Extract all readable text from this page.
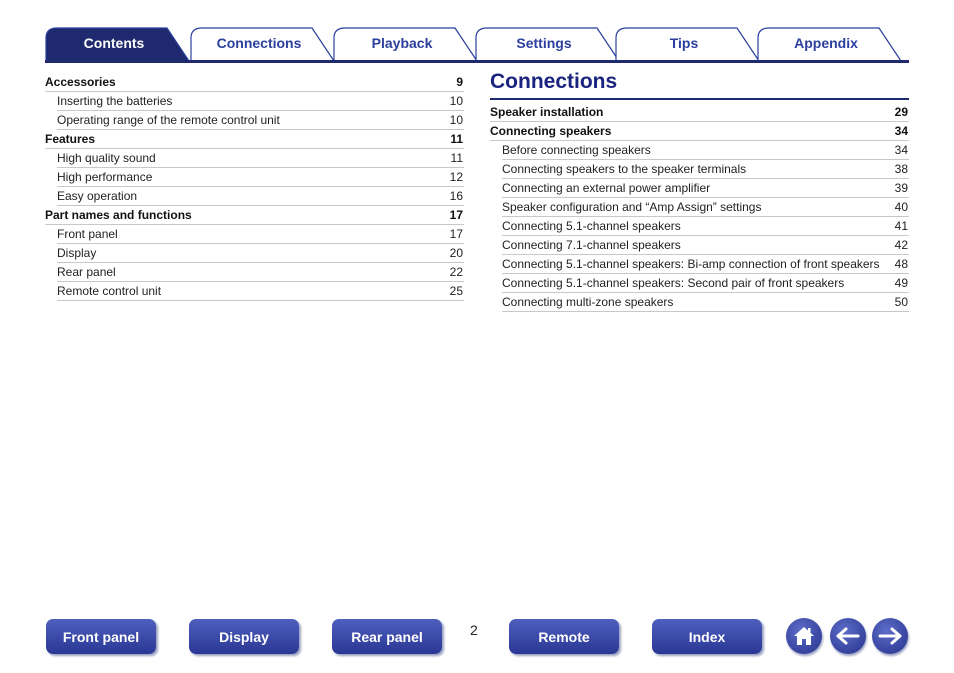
Contents	Connections	Playback	Settings	Tips	Appendix
Accessories	9
Inserting the batteries	10
Operating range of the remote control unit	10
Features	11
High quality sound	11
High performance	12
Easy operation	16
Part names and functions	17
Front panel	17
Display	20
Rear panel	22
Remote control unit	25
Connections
Speaker installation	29
Connecting speakers	34
Before connecting speakers	34
Connecting speakers to the speaker terminals	38
Connecting an external power amplifier	39
Speaker configuration and “Amp Assign” settings	40
Connecting 5.1-channel speakers	41
Connecting 7.1-channel speakers	42
Connecting 5.1-channel speakers: Bi-amp connection of front speakers	48
Connecting 5.1-channel speakers: Second pair of front speakers	49
Connecting multi-zone speakers	50
Front panel	Display	Rear panel	2	Remote	Index
